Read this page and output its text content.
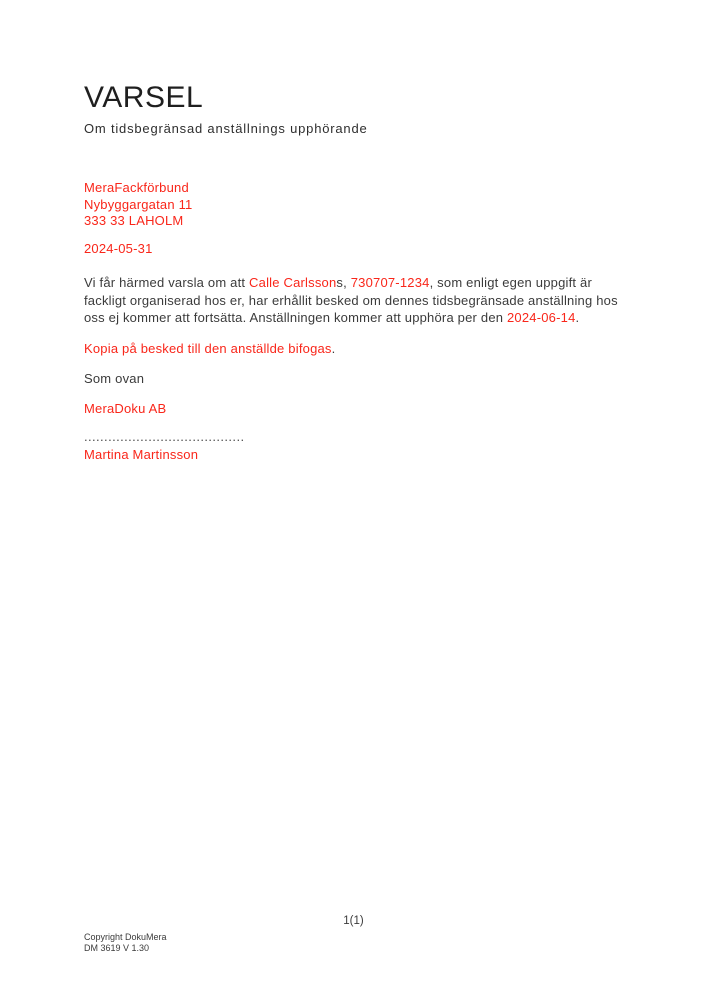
VARSEL
Om tidsbegränsad anställnings upphörande
MeraFackförbund
Nybyggargatan 11
333 33 LAHOLM
2024-05-31

Vi får härmed varsla om att Calle Carlssons, 730707-1234, som enligt egen uppgift är fackligt organiserad hos er, har erhållit besked om dennes tidsbegränsade anställning hos oss ej kommer att fortsätta. Anställningen kommer att upphöra per den 2024-06-14.

Kopia på besked till den anställde bifogas.

Som ovan
MeraDoku AB
........................................
Martina Martinsson
1(1)
Copyright DokuMera
DM 3619 V 1.30
